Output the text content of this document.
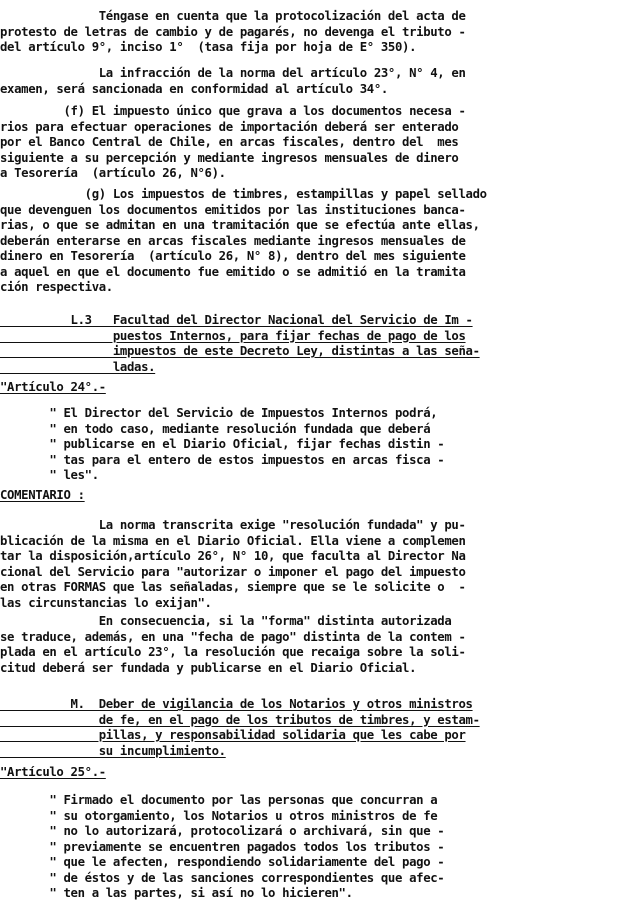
Téngase en cuenta que la protocolización del acta de
protesto de letras de cambio y de pagarés, no devenga el tributo -
del artículo 9°, inciso 1°  (tasa fija por hoja de E° 350).
La infracción de la norma del artículo 23°, N° 4, en
examen, será sancionada en conformidad al artículo 34°.
(f) El impuesto único que grava a los documentos necesa -
rios para efectuar operaciones de importación deberá ser enterado
por el Banco Central de Chile, en arcas fiscales, dentro del  mes
siguiente a su percepción y mediante ingresos mensuales de dinero
a Tesorería  (artículo 26, N°6).
(g) Los impuestos de timbres, estampillas y papel sellado
que devenguen los documentos emitidos por las instituciones banca-
rias, o que se admitan en una tramitación que se efectúa ante ellas,
deberán enterarse en arcas fiscales mediante ingresos mensuales de
dinero en Tesorería  (artículo 26, N° 8), dentro del mes siguiente
a aquel en que el documento fue emitido o se admitió en la tramita
ción respectiva.
L.3   Facultad del Director Nacional del Servicio de Im -
puestos Internos, para fijar fechas de pago de los
impuestos de este Decreto Ley, distintas a las seña-
ladas.
"Artículo 24°.-
" El Director del Servicio de Impuestos Internos podrá,
" en todo caso, mediante resolución fundada que deberá
" publicarse en el Diario Oficial, fijar fechas distin -
" tas para el entero de estos impuestos en arcas fisca -
" les".
COMENTARIO :
La norma transcrita exige "resolución fundada" y pu-
blicación de la misma en el Diario Oficial. Ella viene a complemen
tar la disposición,artículo 26°, N° 10, que faculta al Director Na
cional del Servicio para "autorizar o imponer el pago del impuesto
en otras FORMAS que las señaladas, siempre que se le solicite o  -
las circunstancias lo exijan".
En consecuencia, si la "forma" distinta autorizada
se traduce, además, en una "fecha de pago" distinta de la contem -
plada en el artículo 23°, la resolución que recaiga sobre la soli-
citud deberá ser fundada y publicarse en el Diario Oficial.
M.  Deber de vigilancia de los Notarios y otros ministros
de fe, en el pago de los tributos de timbres, y estam-
pillas, y responsabilidad solidaria que les cabe por
su incumplimiento.
"Artículo 25°.-
" Firmado el documento por las personas que concurran a
" su otorgamiento, los Notarios u otros ministros de fe
" no lo autorizará, protocolizará o archivará, sin que -
" previamente se encuentren pagados todos los tributos -
" que le afecten, respondiendo solidariamente del pago -
" de éstos y de las sanciones correspondientes que afec-
" ten a las partes, si así no lo hicieren".
